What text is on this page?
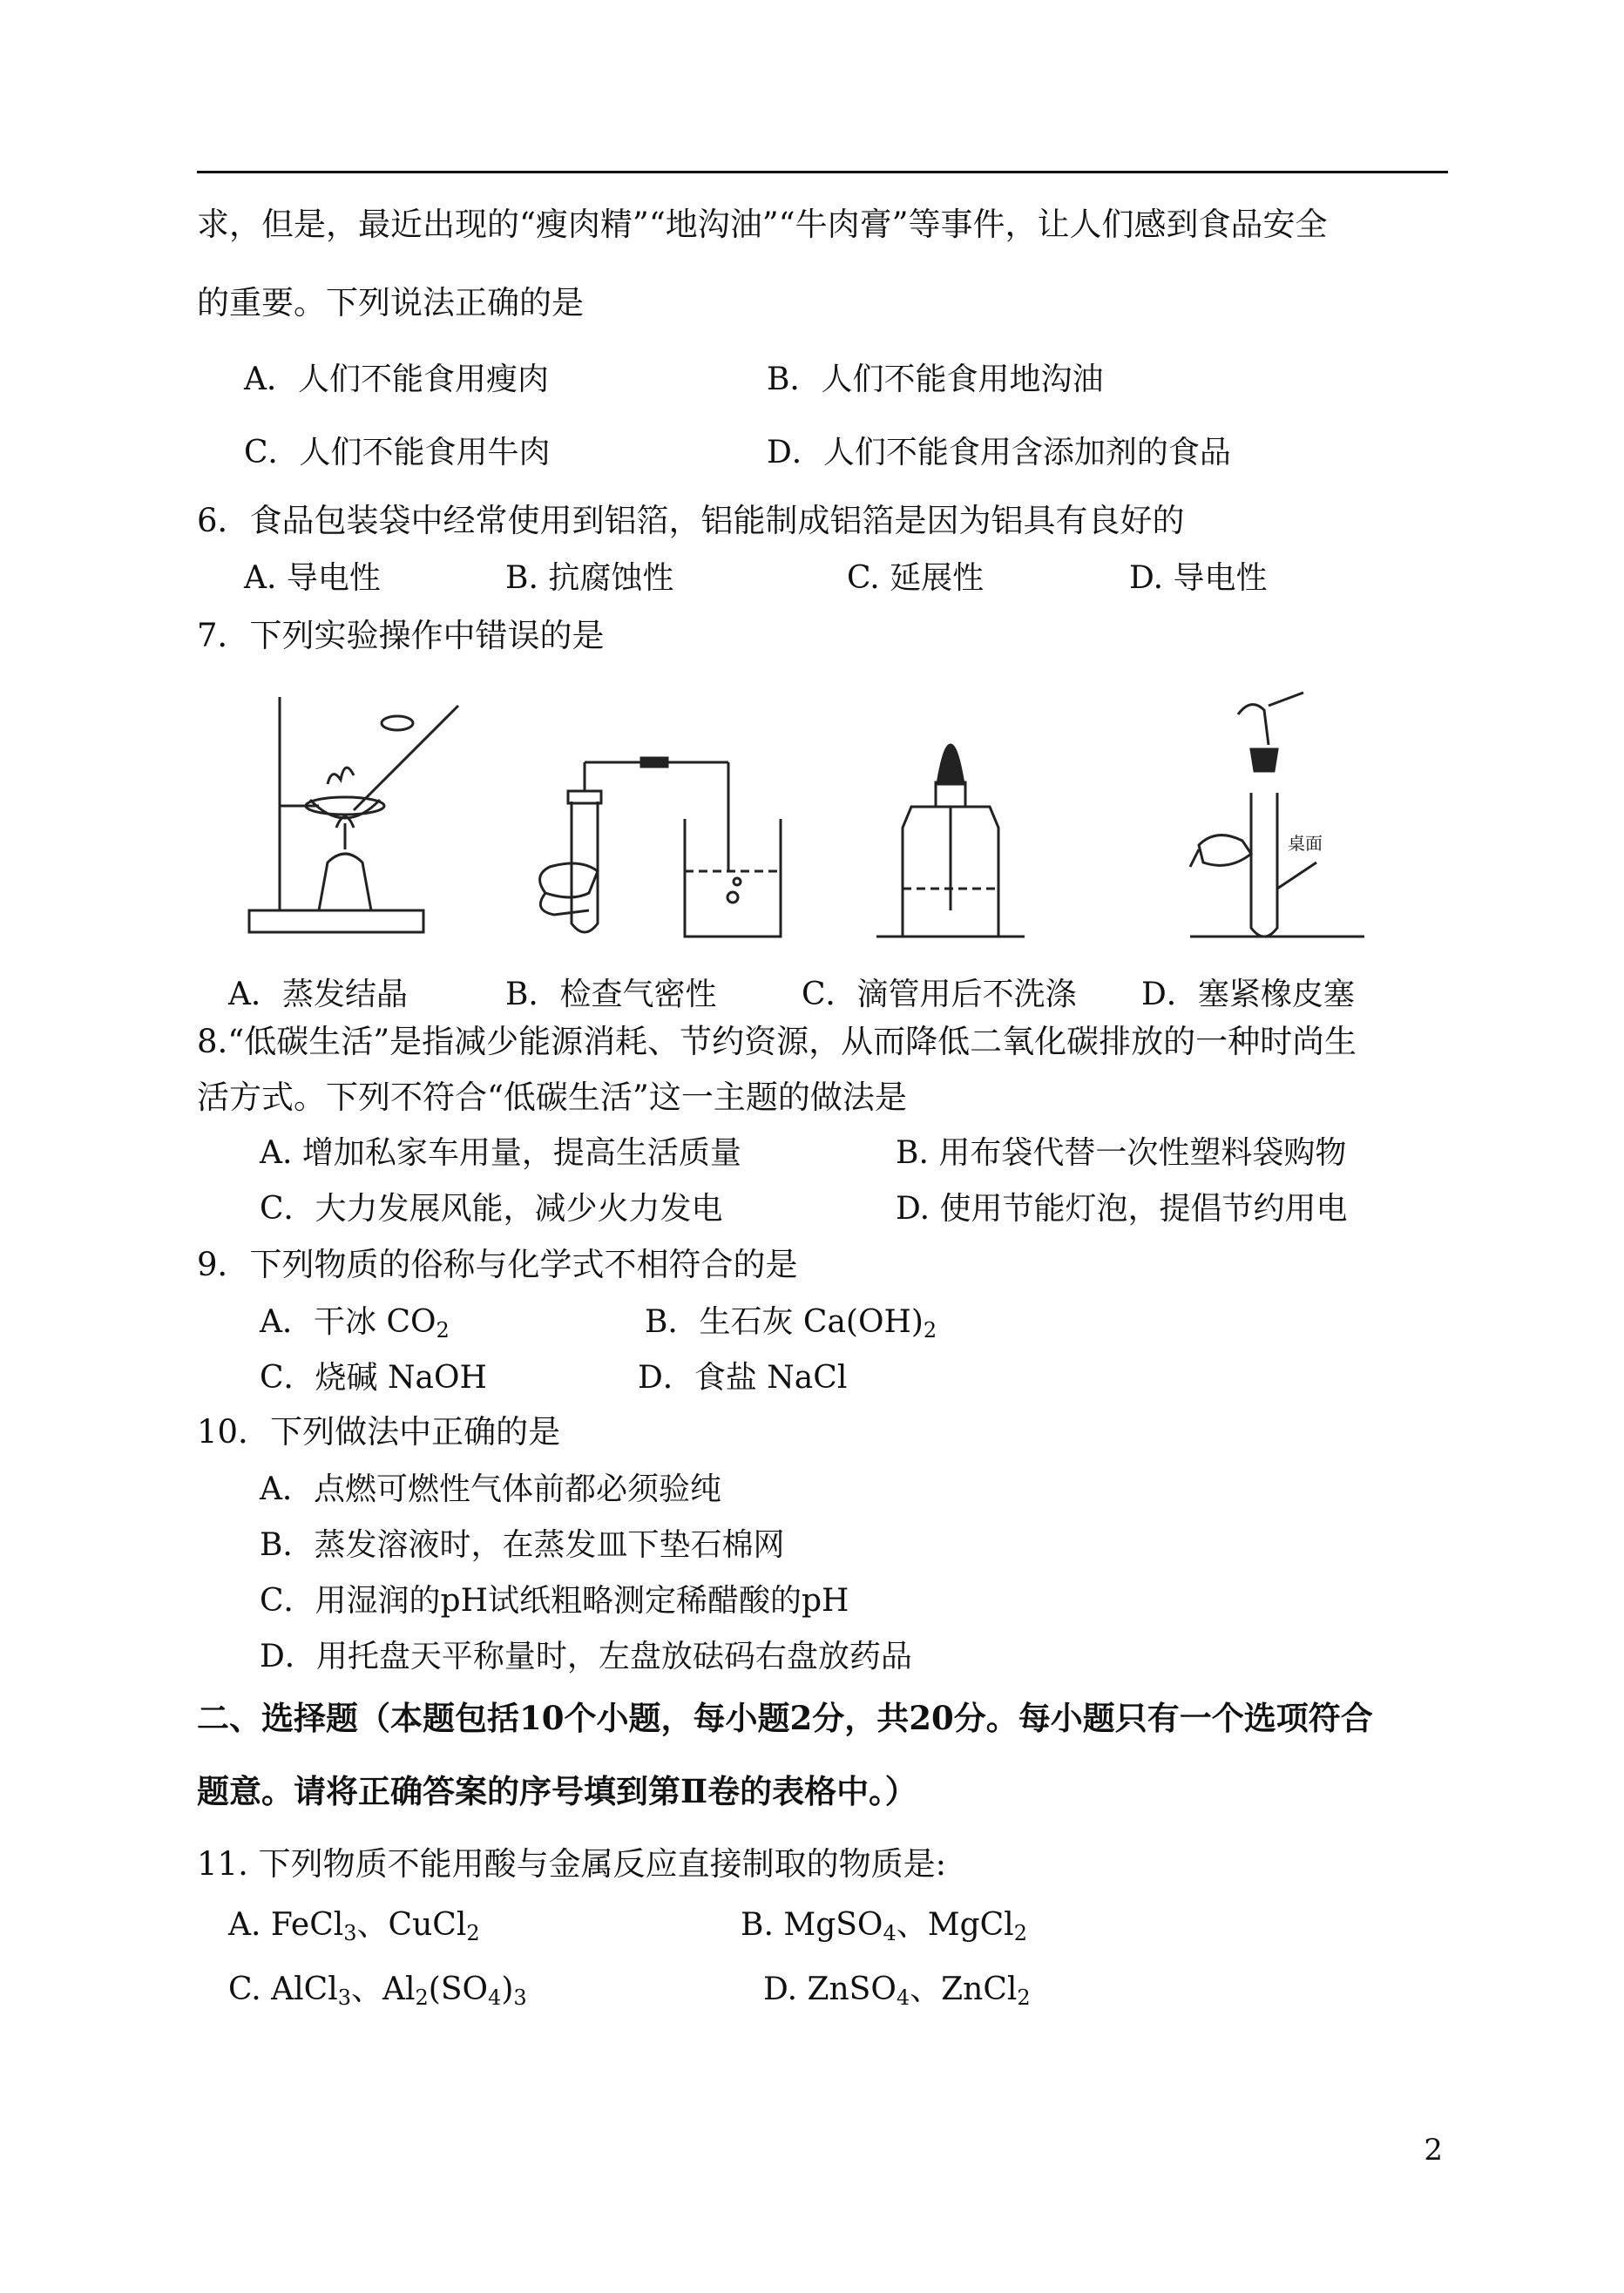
求，但是，最近出现的“瘦肉精”“地沟油”“牛肉膏”等事件，让人们感到食品安全
的重要。下列说法正确的是
A．人们不能食用瘦肉	B．人们不能食用地沟油
C．人们不能食用牛肉	D．人们不能食用含添加剂的食品
6．食品包装袋中经常使用到铝箔，铝能制成铝箔是因为铝具有良好的
A. 导电性	B. 抗腐蚀性	C. 延展性	D. 导电性
7．下列实验操作中错误的是
桌面
A．蒸发结晶	B．检查气密性	C．滴管用后不洗涤 D．塞紧橡皮塞
8.“低碳生活”是指减少能源消耗、节约资源，从而降低二氧化碳排放的一种时尚生
活方式。下列不符合“低碳生活”这一主题的做法是
A. 增加私家车用量，提高生活质量	B. 用布袋代替一次性塑料袋购物
C．大力发展风能，减少火力发电	D. 使用节能灯泡，提倡节约用电
9．下列物质的俗称与化学式不相符合的是
A．干冰 $CO_2$	B．生石灰 $Ca(OH)_2$
C．烧碱 NaOH	D．食盐 NaCl
10．下列做法中正确的是
A．点燃可燃性气体前都必须验纯
B．蒸发溶液时，在蒸发皿下垫石棉网
C．用湿润的pH试纸粗略测定稀醋酸的pH
D．用托盘天平称量时，左盘放砝码右盘放药品
二、选择题（本题包括10个小题，每小题2分，共20分。每小题只有一个选项符合
题意。请将正确答案的序号填到第Ⅱ卷的表格中。）
11. 下列物质不能用酸与金属反应直接制取的物质是:
A. FeCl$_3$、CuCl$_2$	B. MgSO$_4$、MgCl$_2$
C. AlCl$_3$、$Al_2(SO_4)_3$	D. ZnSO$_4$、ZnCl$_2$
2
